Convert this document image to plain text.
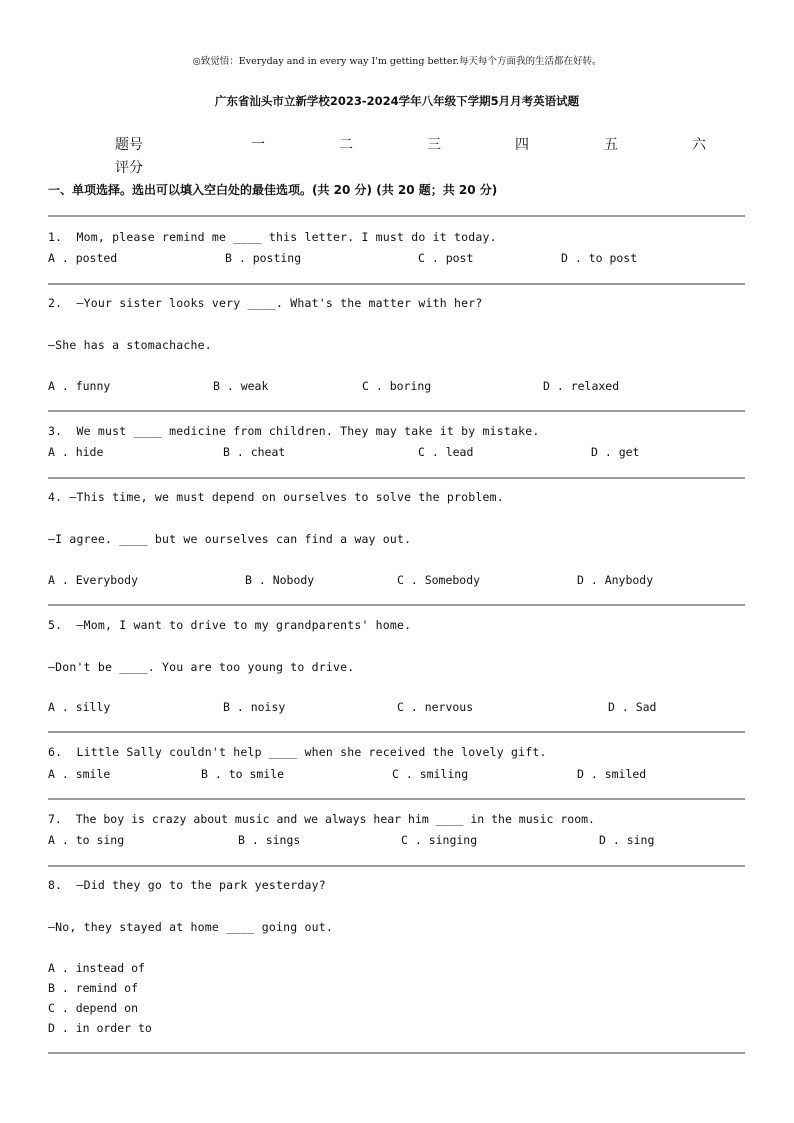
◎致觉悟：Everyday and in every way I'm getting better.每天每个方面我的生活都在好转。
广东省汕头市立新学校2023-2024学年八年级下学期5月月考英语试题
题号	一	二	三	四	五	六
评分
一、单项选择。选出可以填入空白处的最佳选项。(共 20 分) (共 20 题；共 20 分)
1.  Mom, please remind me ____ this letter. I must do it today.
A . posted	B . posting	C . post	D . to post
2.  —Your sister looks very ____. What's the matter with her?
—She has a stomachache.
A . funny	B . weak	C . boring	D . relaxed
3.  We must ____ medicine from children. They may take it by mistake.
A . hide	B . cheat	C . lead	D . get
4. —This time, we must depend on ourselves to solve the problem.
—I agree. ____ but we ourselves can find a way out.
A . Everybody	B . Nobody	C . Somebody	D . Anybody
5.  —Mom, I want to drive to my grandparents' home.
—Don't be ____. You are too young to drive.
A . silly	B . noisy	C . nervous	D . Sad
6.  Little Sally couldn't help ____ when she received the lovely gift.
A . smile	B . to smile	C . smiling	D . smiled
7.  The boy is crazy about music and we always hear him ____ in the music room.
A . to sing	B . sings	C . singing	D . sing
8.  —Did they go to the park yesterday?
—No, they stayed at home ____ going out.
A . instead of
B . remind of
C . depend on
D . in order to
